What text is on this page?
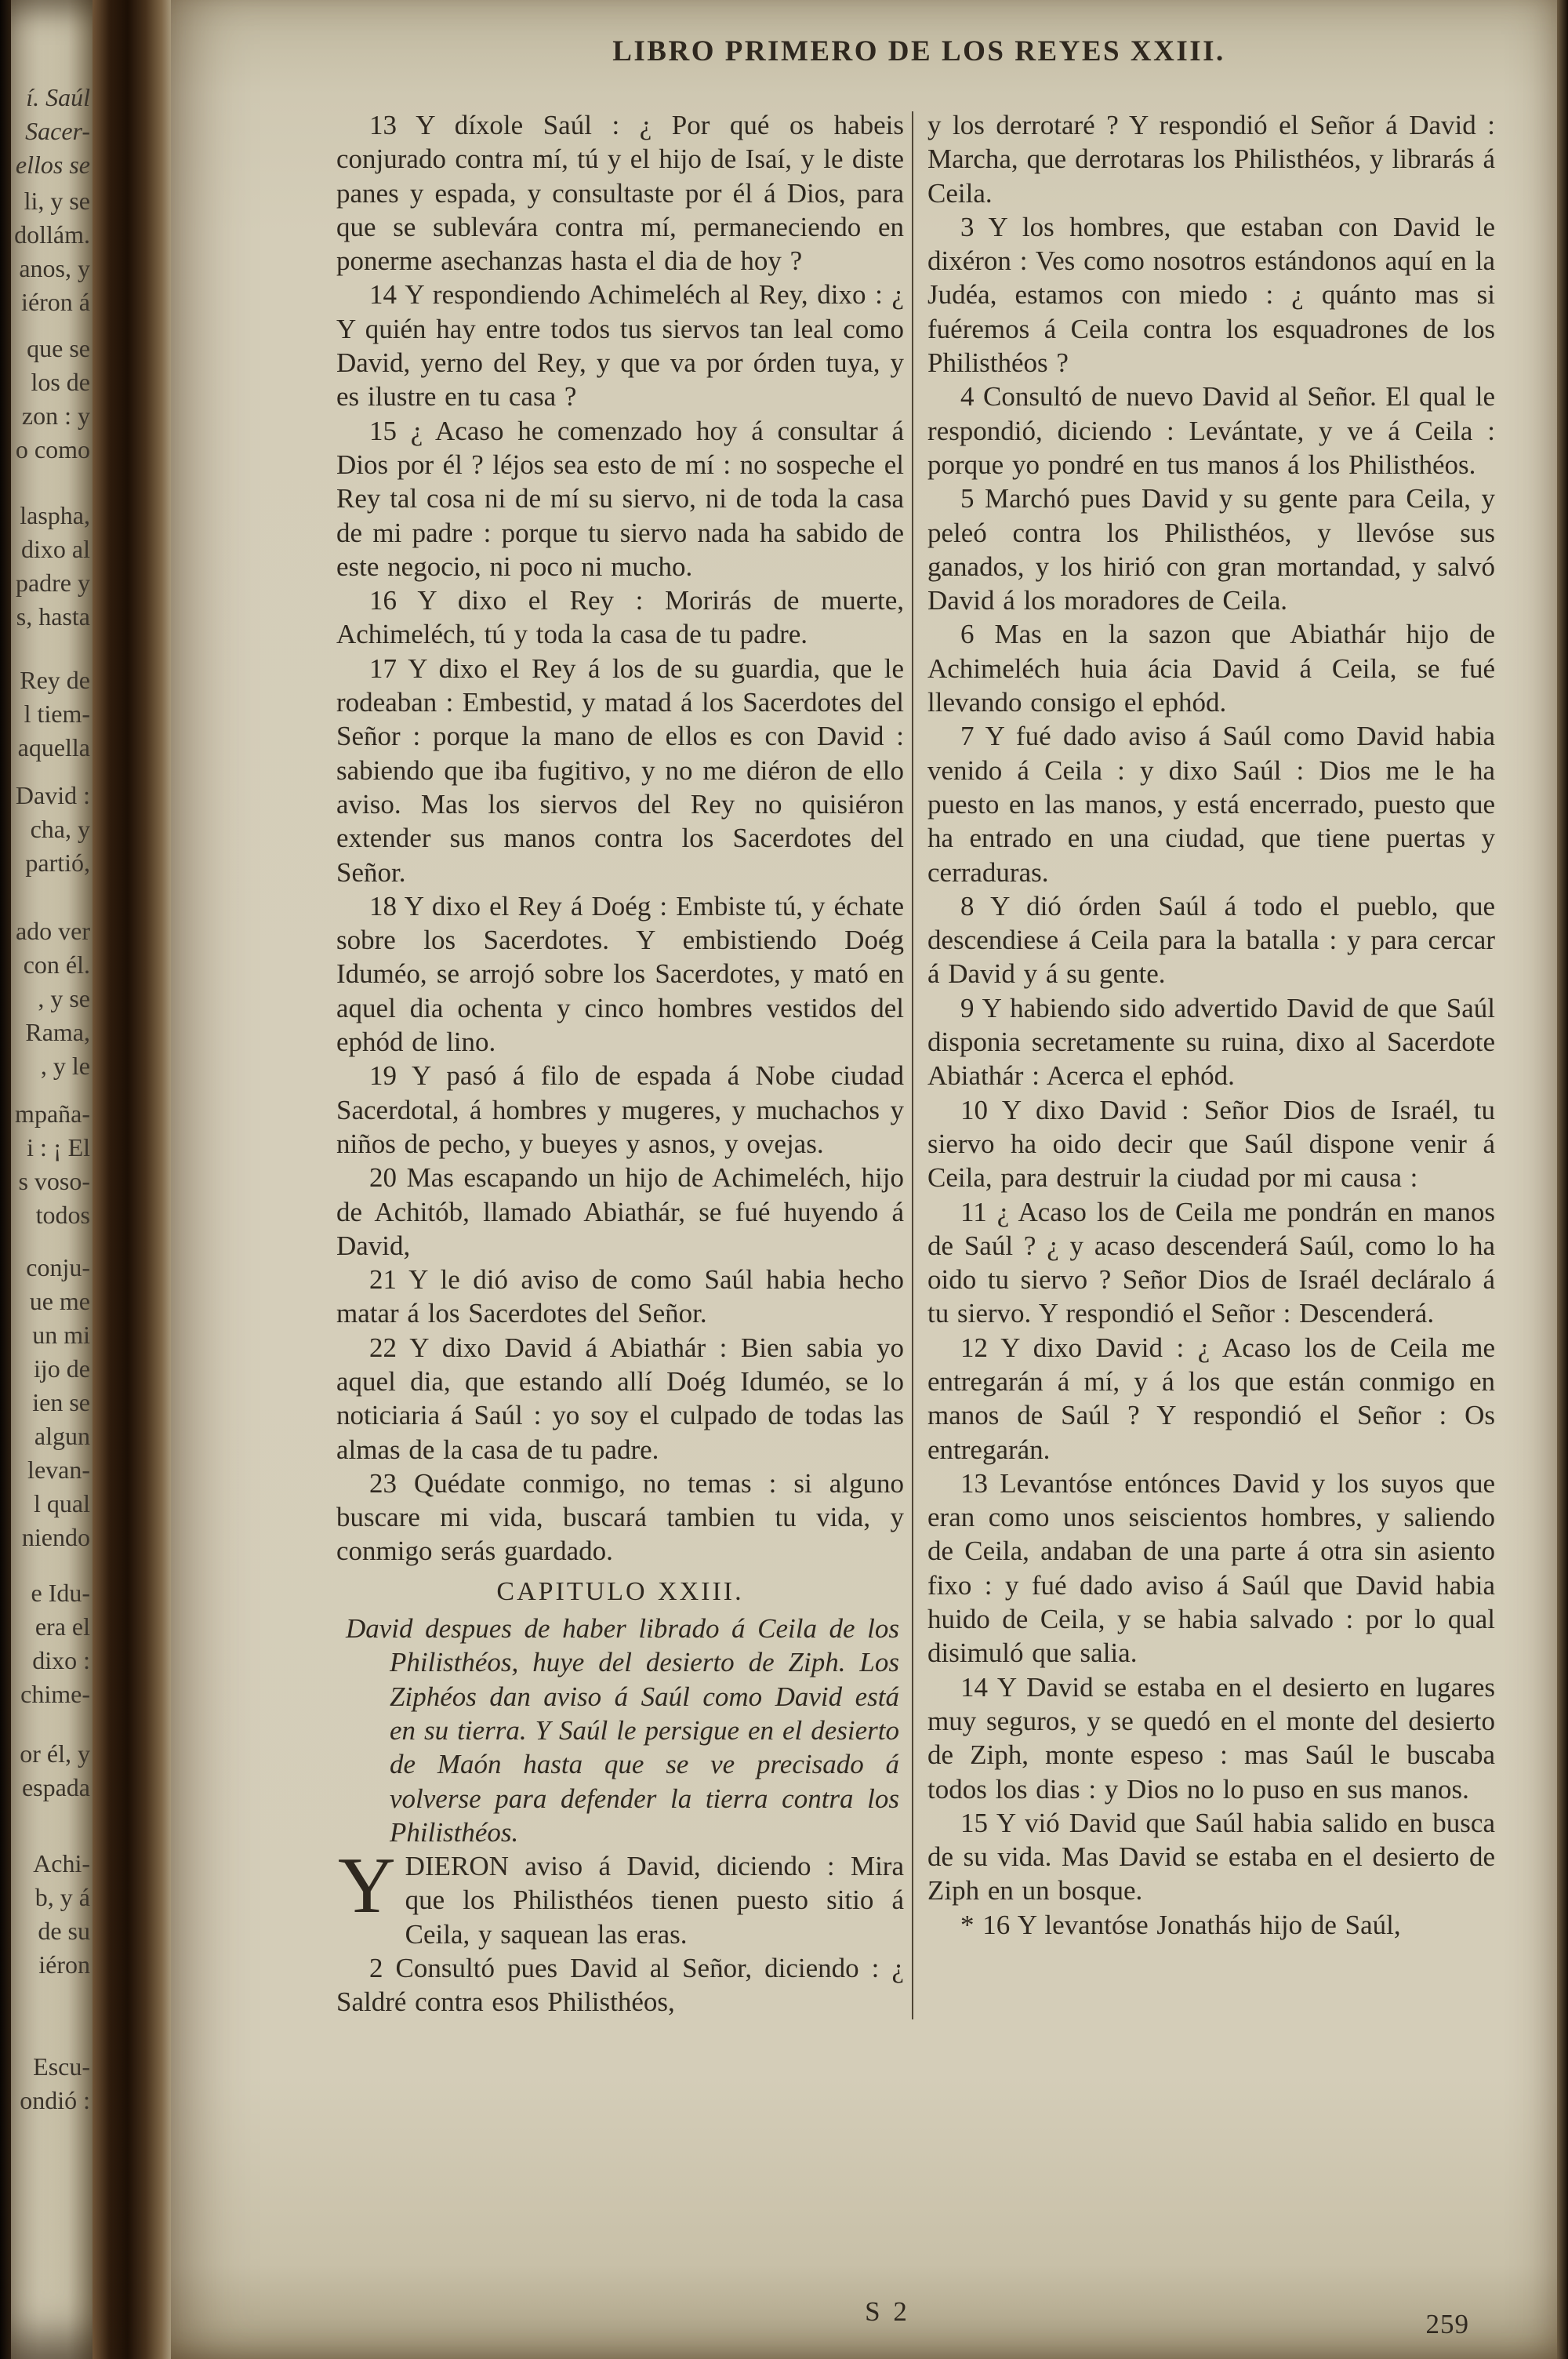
í. Saúl
Sacer-
ellos se
li, y se
dollám.
anos, y
iéron á
que se
los de
zon : y
o como
laspha,
dixo al
padre y
s, hasta
Rey de
l tiem-
aquella
David :
cha, y
partió,
ado ver
con él.
, y se
Rama,
, y le
mpaña-
i : ¡ El
s voso-
todos
conju-
ue me
un mi
ijo de
ien se
algun
levan-
l qual
niendo
e Idu-
era el
dixo :
chime-
or él, y
espada
Achi-
b, y á
de su
iéron
Escu-
ondió :
LIBRO PRIMERO DE LOS REYES XXIII.

13 Y díxole Saúl : ¿ Por qué os habeis conjurado contra mí, tú y el hijo de Isaí, y le diste panes y espada, y consultaste por él á Dios, para que se sublevára contra mí, permaneciendo en ponerme asechanzas hasta el dia de hoy ?

14 Y respondiendo Achimeléch al Rey, dixo : ¿ Y quién hay entre todos tus siervos tan leal como David, yerno del Rey, y que va por órden tuya, y es ilustre en tu casa ?

15 ¿ Acaso he comenzado hoy á consultar á Dios por él ? léjos sea esto de mí : no sospeche el Rey tal cosa ni de mí su siervo, ni de toda la casa de mi padre : porque tu siervo nada ha sabido de este negocio, ni poco ni mucho.

16 Y dixo el Rey : Morirás de muerte, Achimeléch, tú y toda la casa de tu padre.

17 Y dixo el Rey á los de su guardia, que le rodeaban : Embestid, y matad á los Sacerdotes del Señor : porque la mano de ellos es con David : sabiendo que iba fugitivo, y no me diéron de ello aviso. Mas los siervos del Rey no quisiéron extender sus manos contra los Sacerdotes del Señor.

18 Y dixo el Rey á Doég : Embiste tú, y échate sobre los Sacerdotes. Y embistiendo Doég Iduméo, se arrojó sobre los Sacerdotes, y mató en aquel dia ochenta y cinco hombres vestidos del ephód de lino.

19 Y pasó á filo de espada á Nobe ciudad Sacerdotal, á hombres y mugeres, y muchachos y niños de pecho, y bueyes y asnos, y ovejas.

20 Mas escapando un hijo de Achimeléch, hijo de Achitób, llamado Abiathár, se fué huyendo á David,

21 Y le dió aviso de como Saúl habia hecho matar á los Sacerdotes del Señor.

22 Y dixo David á Abiathár : Bien sabia yo aquel dia, que estando allí Doég Iduméo, se lo noticiaria á Saúl : yo soy el culpado de todas las almas de la casa de tu padre.

23 Quédate conmigo, no temas : si alguno buscare mi vida, buscará tambien tu vida, y conmigo serás guardado.

CAPITULO XXIII.

David despues de haber librado á Ceila de los Philisthéos, huye del desierto de Ziph. Los Ziphéos dan aviso á Saúl como David está en su tierra. Y Saúl le persigue en el desierto de Maón hasta que se ve precisado á volverse para defender la tierra contra los Philisthéos.

YDIERON aviso á David, diciendo : Mira que los Philisthéos tienen puesto sitio á Ceila, y saquean las eras.

2 Consultó pues David al Señor, diciendo : ¿ Saldré contra esos Philisthéos,

y los derrotaré ? Y respondió el Señor á David : Marcha, que derrotaras los Philisthéos, y librarás á Ceila.

3 Y los hombres, que estaban con David le dixéron : Ves como nosotros estándonos aquí en la Judéa, estamos con miedo : ¿ quánto mas si fuéremos á Ceila contra los esquadrones de los Philisthéos ?

4 Consultó de nuevo David al Señor. El qual le respondió, diciendo : Levántate, y ve á Ceila : porque yo pondré en tus manos á los Philisthéos.

5 Marchó pues David y su gente para Ceila, y peleó contra los Philisthéos, y llevóse sus ganados, y los hirió con gran mortandad, y salvó David á los moradores de Ceila.

6 Mas en la sazon que Abiathár hijo de Achimeléch huia ácia David á Ceila, se fué llevando consigo el ephód.

7 Y fué dado aviso á Saúl como David habia venido á Ceila : y dixo Saúl : Dios me le ha puesto en las manos, y está encerrado, puesto que ha entrado en una ciudad, que tiene puertas y cerraduras.

8 Y dió órden Saúl á todo el pueblo, que descendiese á Ceila para la batalla : y para cercar á David y á su gente.

9 Y habiendo sido advertido David de que Saúl disponia secretamente su ruina, dixo al Sacerdote Abiathár : Acerca el ephód.

10 Y dixo David : Señor Dios de Israél, tu siervo ha oido decir que Saúl dispone venir á Ceila, para destruir la ciudad por mi causa :

11 ¿ Acaso los de Ceila me pondrán en manos de Saúl ? ¿ y acaso descenderá Saúl, como lo ha oido tu siervo ? Señor Dios de Israél decláralo á tu siervo. Y respondió el Señor : Descenderá.

12 Y dixo David : ¿ Acaso los de Ceila me entregarán á mí, y á los que están conmigo en manos de Saúl ? Y respondió el Señor : Os entregarán.

13 Levantóse entónces David y los suyos que eran como unos seiscientos hombres, y saliendo de Ceila, andaban de una parte á otra sin asiento fixo : y fué dado aviso á Saúl que David habia huido de Ceila, y se habia salvado : por lo qual disimuló que salia.

14 Y David se estaba en el desierto en lugares muy seguros, y se quedó en el monte del desierto de Ziph, monte espeso : mas Saúl le buscaba todos los dias : y Dios no lo puso en sus manos.

15 Y vió David que Saúl habia salido en busca de su vida. Mas David se estaba en el desierto de Ziph en un bosque.

* 16 Y levantóse Jonathás hijo de Saúl,

S 2	259
